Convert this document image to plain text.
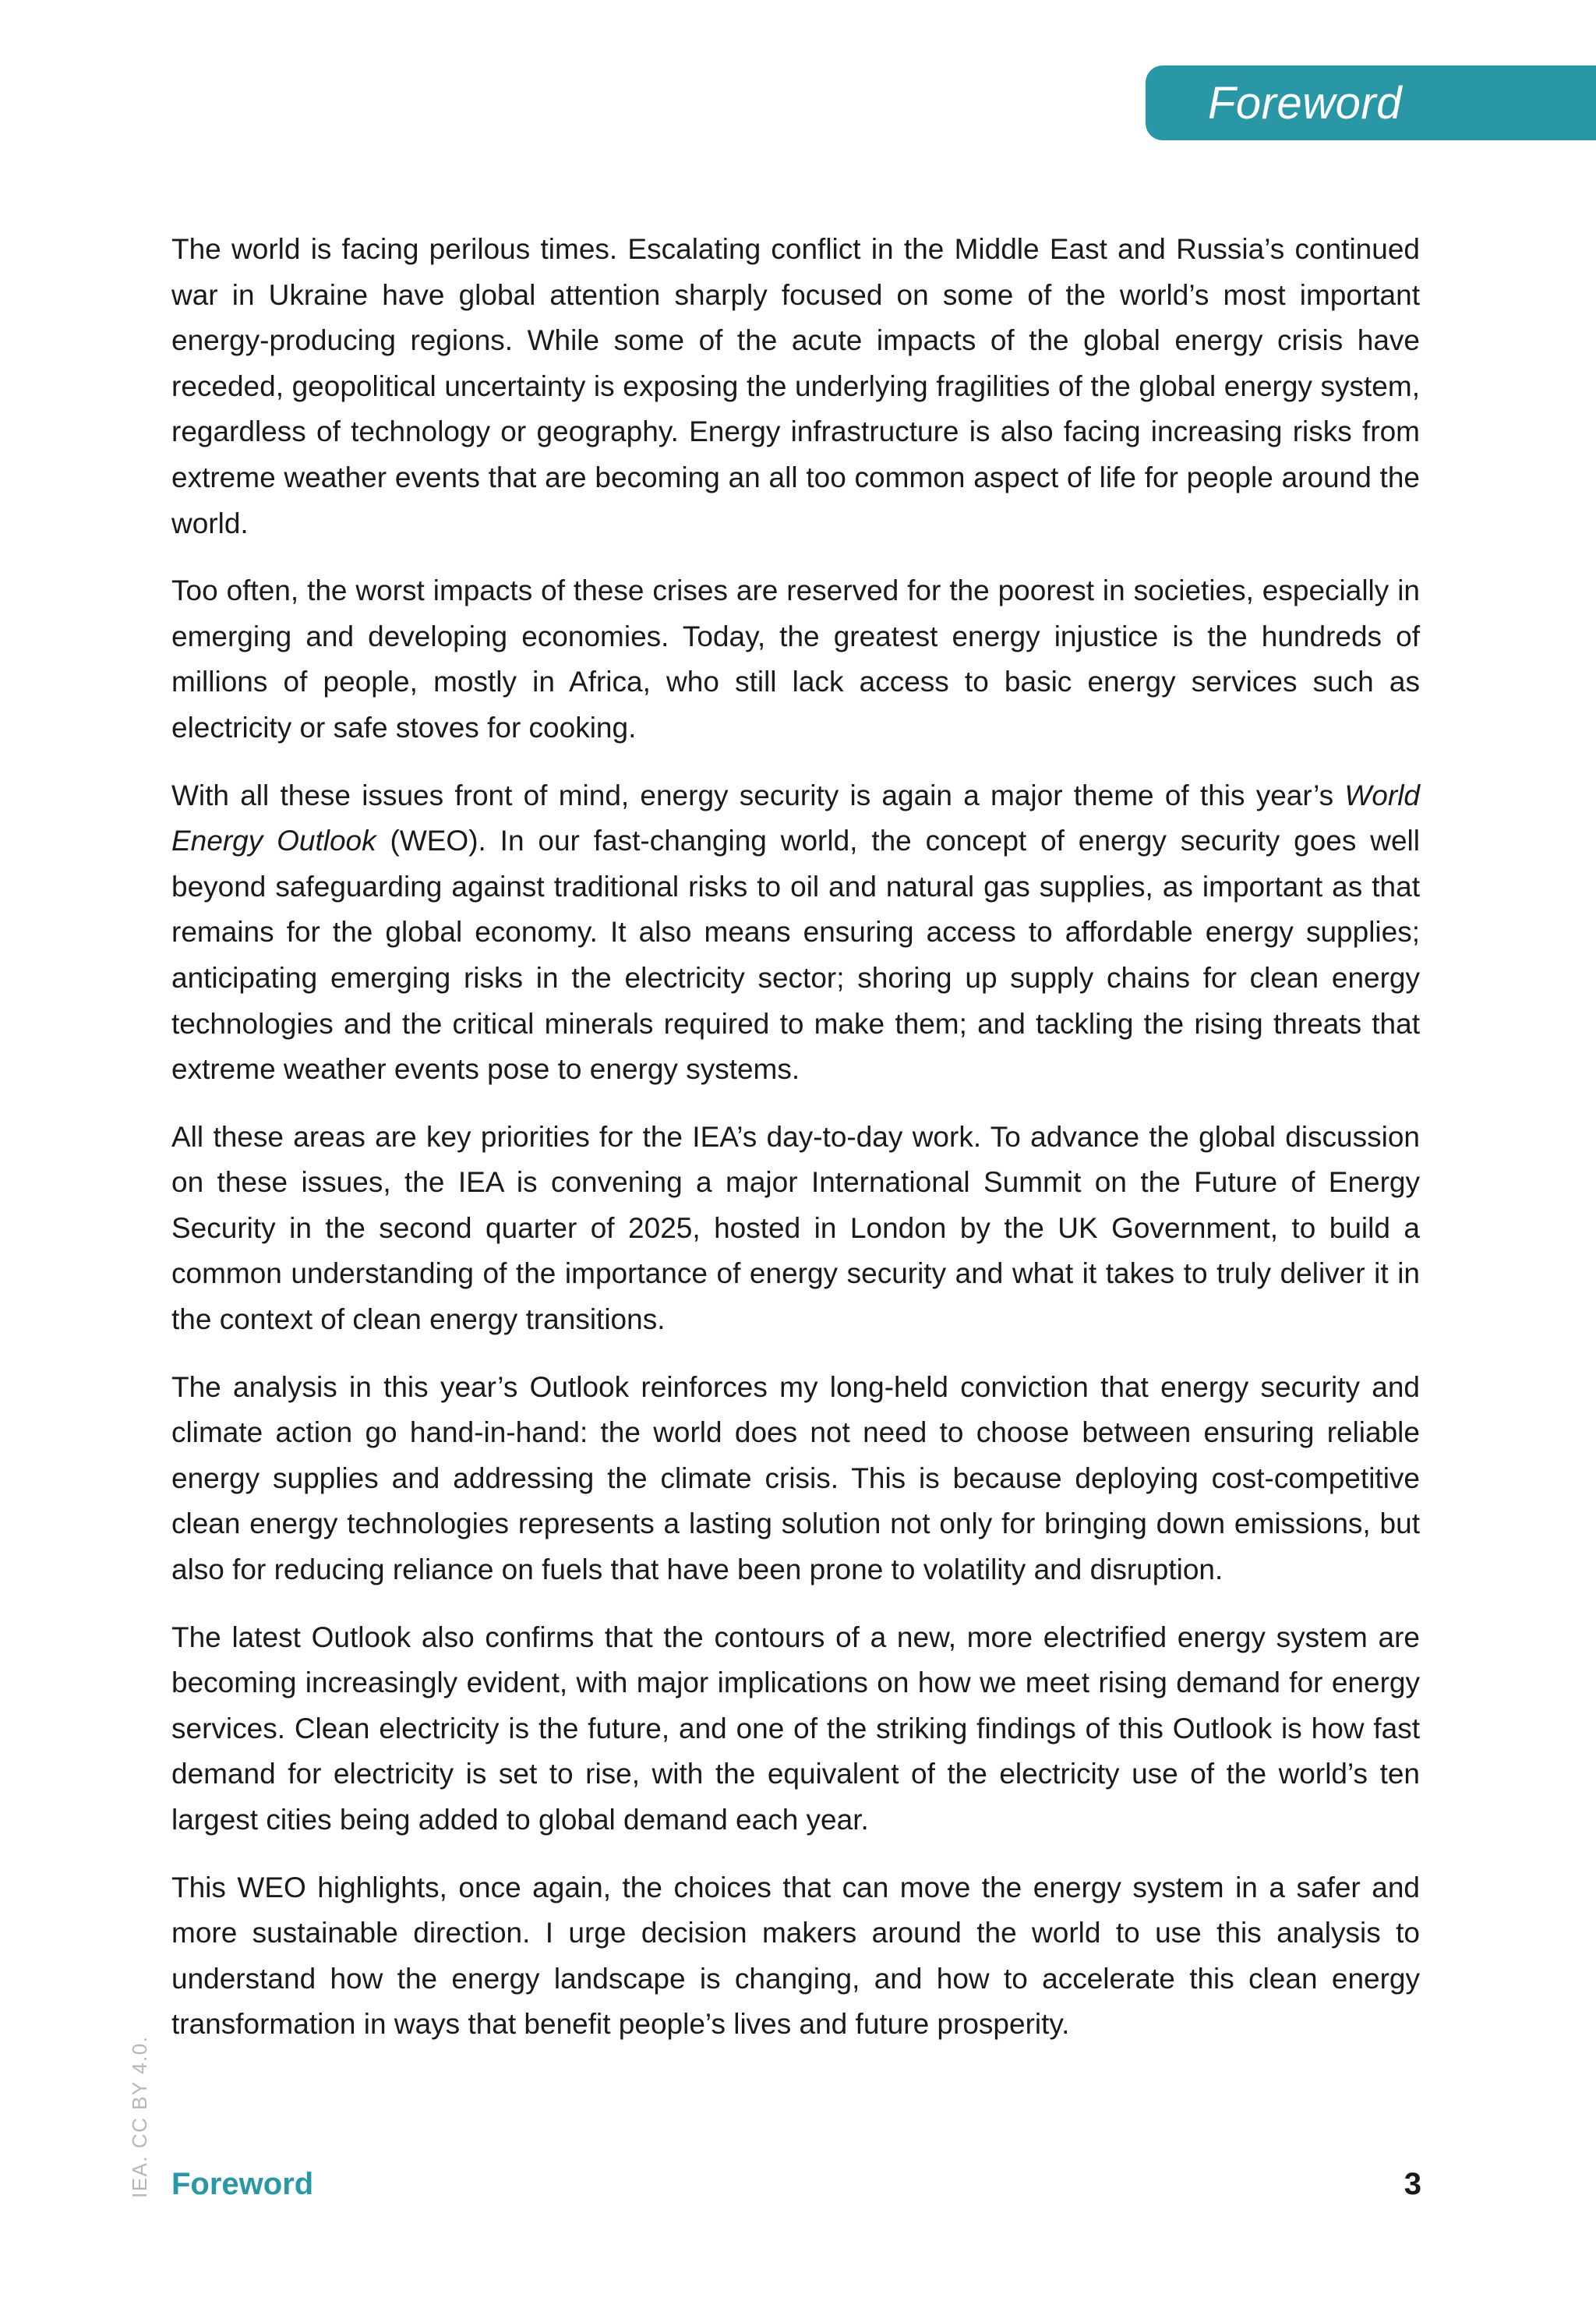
Foreword

The world is facing perilous times. Escalating conflict in the Middle East and Russia’s continued war in Ukraine have global attention sharply focused on some of the world’s most important energy-producing regions. While some of the acute impacts of the global energy crisis have receded, geopolitical uncertainty is exposing the underlying fragilities of the global energy system, regardless of technology or geography. Energy infrastructure is also facing increasing risks from extreme weather events that are becoming an all too common aspect of life for people around the world.

Too often, the worst impacts of these crises are reserved for the poorest in societies, especially in emerging and developing economies. Today, the greatest energy injustice is the hundreds of millions of people, mostly in Africa, who still lack access to basic energy services such as electricity or safe stoves for cooking.

With all these issues front of mind, energy security is again a major theme of this year’s World Energy Outlook (WEO). In our fast-changing world, the concept of energy security goes well beyond safeguarding against traditional risks to oil and natural gas supplies, as important as that remains for the global economy. It also means ensuring access to affordable energy supplies; anticipating emerging risks in the electricity sector; shoring up supply chains for clean energy technologies and the critical minerals required to make them; and tackling the rising threats that extreme weather events pose to energy systems.

All these areas are key priorities for the IEA’s day-to-day work. To advance the global discussion on these issues, the IEA is convening a major International Summit on the Future of Energy Security in the second quarter of 2025, hosted in London by the UK Government, to build a common understanding of the importance of energy security and what it takes to truly deliver it in the context of clean energy transitions.

The analysis in this year’s Outlook reinforces my long-held conviction that energy security and climate action go hand-in-hand: the world does not need to choose between ensuring reliable energy supplies and addressing the climate crisis. This is because deploying cost-competitive clean energy technologies represents a lasting solution not only for bringing down emissions, but also for reducing reliance on fuels that have been prone to volatility and disruption.

The latest Outlook also confirms that the contours of a new, more electrified energy system are becoming increasingly evident, with major implications on how we meet rising demand for energy services. Clean electricity is the future, and one of the striking findings of this Outlook is how fast demand for electricity is set to rise, with the equivalent of the electricity use of the world’s ten largest cities being added to global demand each year.

This WEO highlights, once again, the choices that can move the energy system in a safer and more sustainable direction. I urge decision makers around the world to use this analysis to understand how the energy landscape is changing, and how to accelerate this clean energy transformation in ways that benefit people’s lives and future prosperity.

IEA. CC BY 4.0. Foreword	3
